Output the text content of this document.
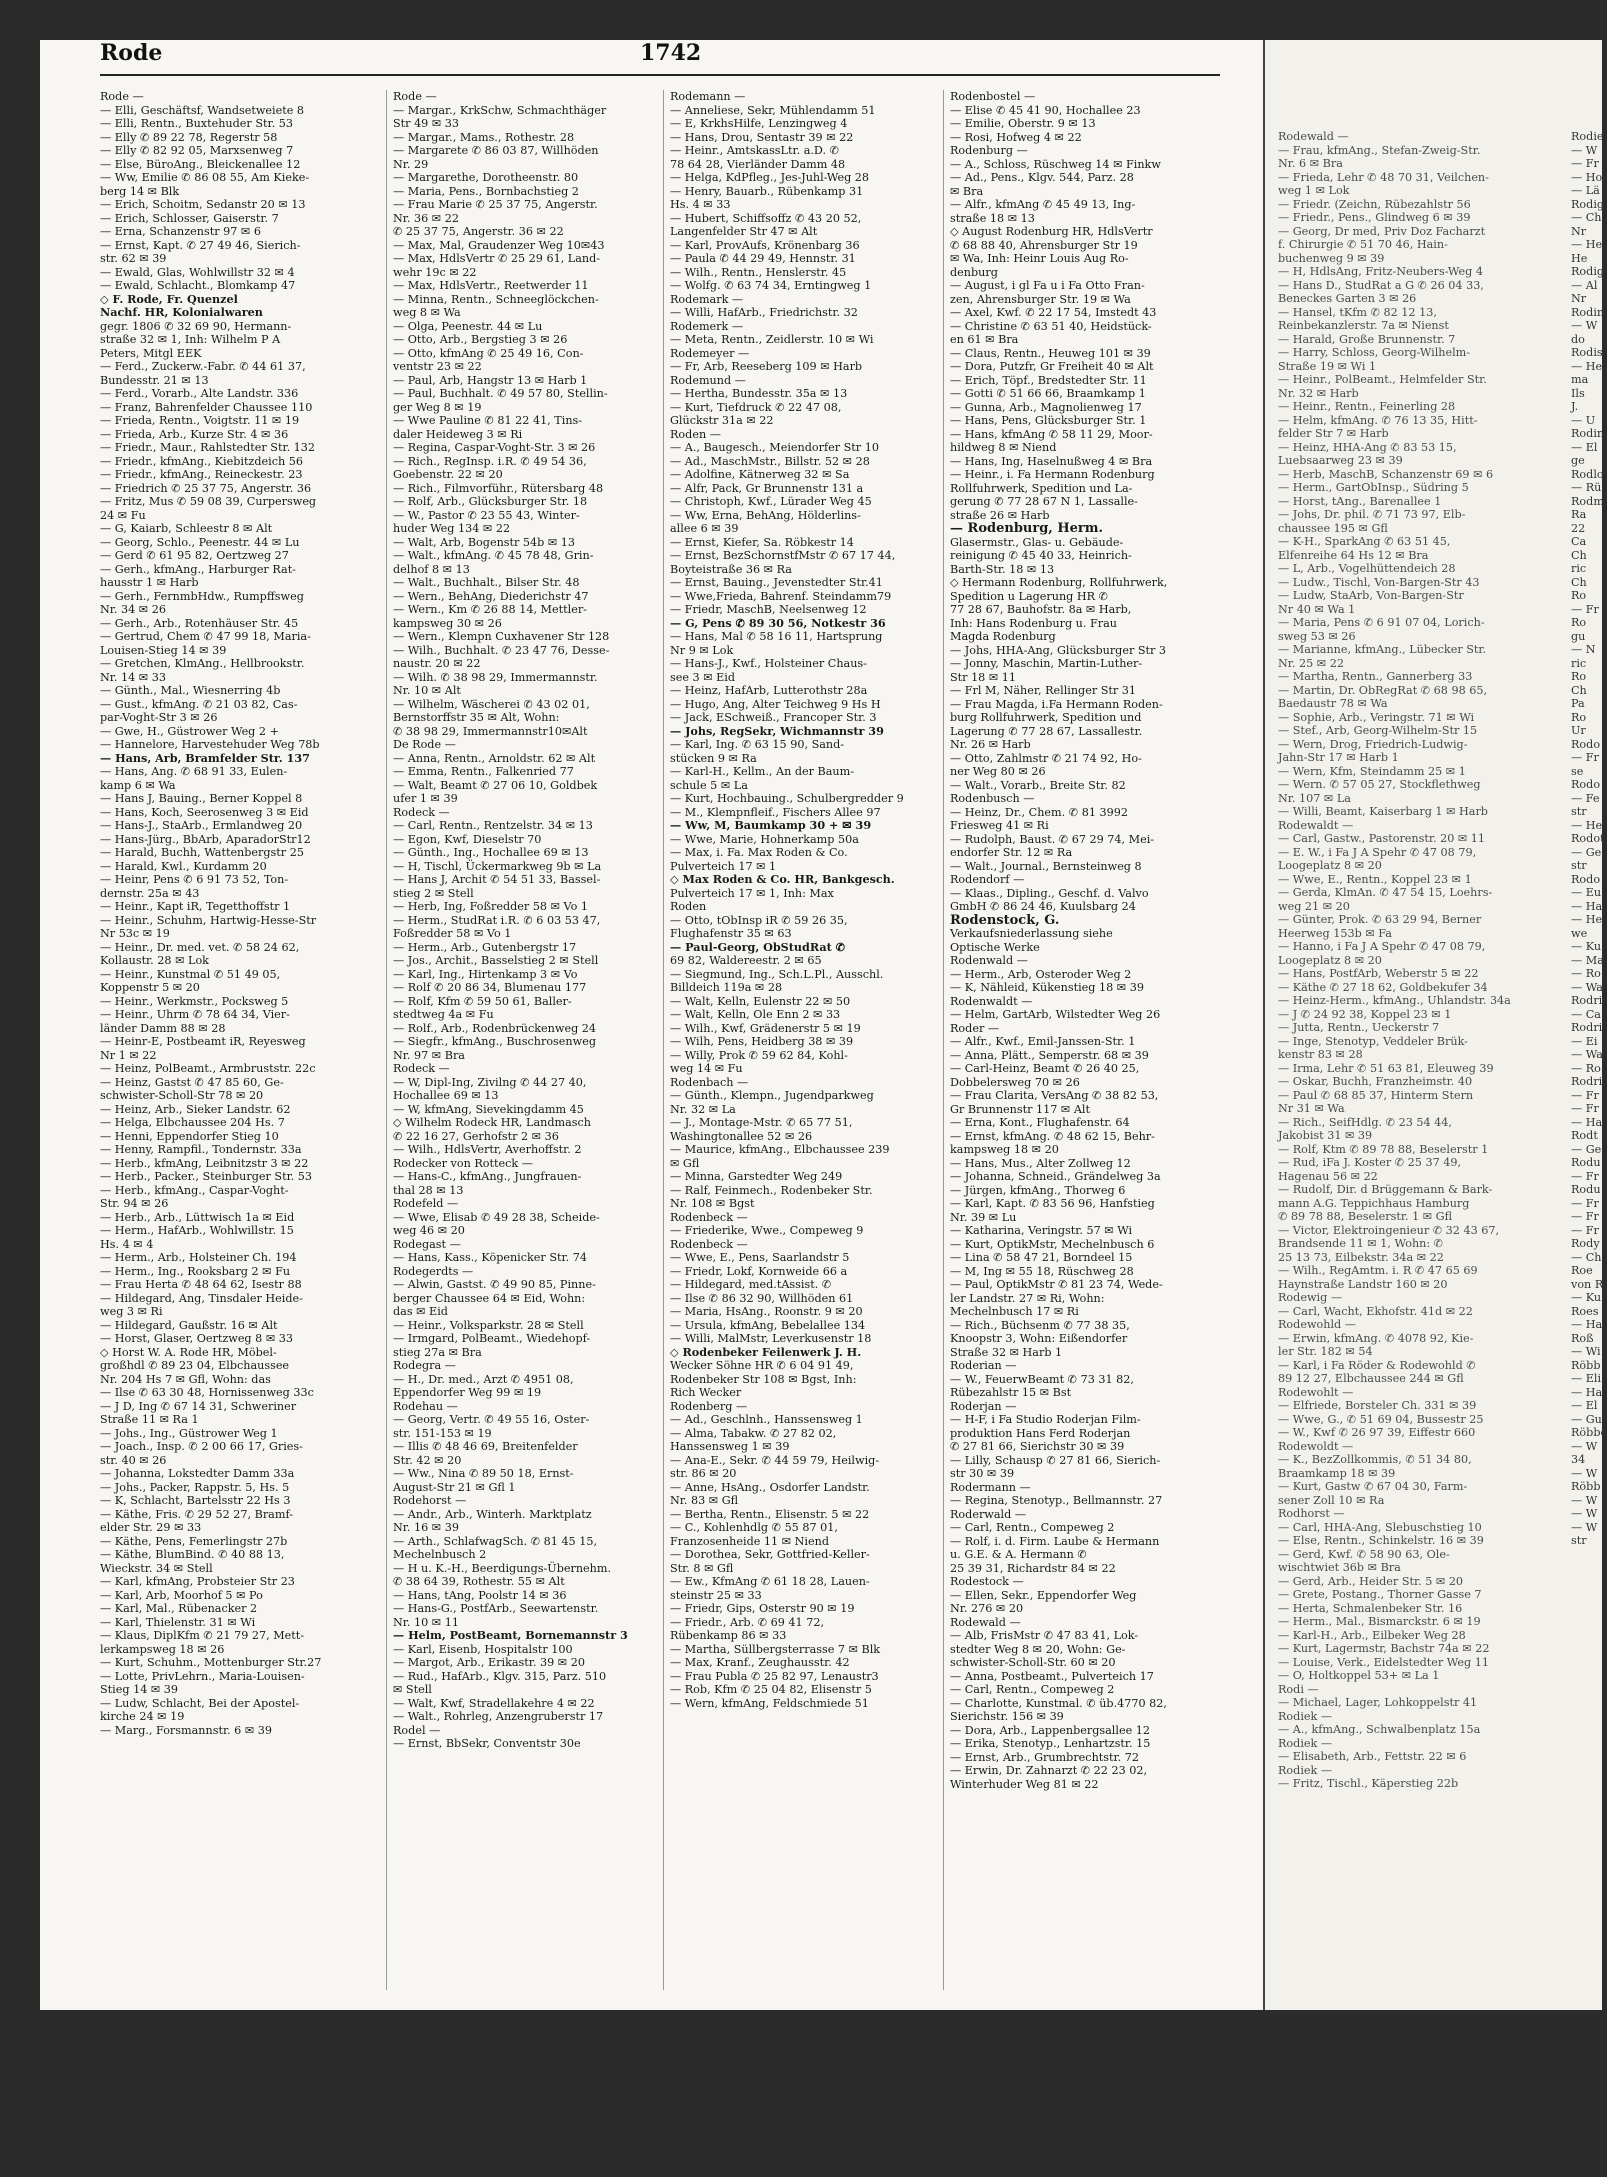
Rode	1742
Rode —
— Elli, Geschäftsf, Wandsetweiete 8
— Elli, Rentn., Buxtehuder Str. 53
— Elly ✆ 89 22 78, Regerstr 58
— Elly ✆ 82 92 05, Marxsenweg 7
— Else, BüroAng., Bleickenallee 12
— Ww, Emilie ✆ 86 08 55, Am Kieke-
berg 14 ✉ Blk
— Erich, Schoitm, Sedanstr 20 ✉ 13
— Erich, Schlosser, Gaiserstr. 7
— Erna, Schanzenstr 97 ✉ 6
— Ernst, Kapt. ✆ 27 49 46, Sierich-
str. 62 ✉ 39
— Ewald, Glas, Wohlwillstr 32 ✉ 4
— Ewald, Schlacht., Blomkamp 47
◇ F. Rode, Fr. Quenzel
Nachf. HR, Kolonialwaren
gegr. 1806 ✆ 32 69 90, Hermann-
straße 32 ✉ 1, Inh: Wilhelm P A
Peters, Mitgl EEK
— Ferd., Zuckerw.-Fabr. ✆ 44 61 37,
Bundesstr. 21 ✉ 13
— Ferd., Vorarb., Alte Landstr. 336
— Franz, Bahrenfelder Chaussee 110
— Frieda, Rentn., Voigtstr. 11 ✉ 19
— Frieda, Arb., Kurze Str. 4 ✉ 36
— Friedr., Maur., Rahlstedter Str. 132
— Friedr., kfmAng., Kiebitzdeich 56
— Friedr., kfmAng., Reineckestr. 23
— Friedrich ✆ 25 37 75, Angerstr. 36
— Fritz, Mus ✆ 59 08 39, Curpersweg
24 ✉ Fu
— G, Kaiarb, Schleestr 8 ✉ Alt
— Georg, Schlo., Peenestr. 44 ✉ Lu
— Gerd ✆ 61 95 82, Oertzweg 27
— Gerh., kfmAng., Harburger Rat-
hausstr 1 ✉ Harb
— Gerh., FernmbHdw., Rumpffsweg
Nr. 34 ✉ 26
— Gerh., Arb., Rotenhäuser Str. 45
— Gertrud, Chem ✆ 47 99 18, Maria-
Louisen-Stieg 14 ✉ 39
— Gretchen, KlmAng., Hellbrookstr.
Nr. 14 ✉ 33
— Günth., Mal., Wiesnerring 4b
— Gust., kfmAng. ✆ 21 03 82, Cas-
par-Voght-Str 3 ✉ 26
— Gwe, H., Güstrower Weg 2 +
— Hannelore, Harvestehuder Weg 78b
— Hans, Arb, Bramfelder Str. 137
— Hans, Ang. ✆ 68 91 33, Eulen-
kamp 6 ✉ Wa
— Hans J, Bauing., Berner Koppel 8
— Hans, Koch, Seerosenweg 3 ✉ Eid
— Hans-J., StaArb., Ermlandweg 20
— Hans-Jürg., BbArb, AparadorStr12
— Harald, Buchh, Wattenbergstr 25
— Harald, Kwl., Kurdamm 20
— Heinr, Pens ✆ 6 91 73 52, Ton-
dernstr. 25a ✉ 43
— Heinr., Kapt iR, Tegetthoffstr 1
— Heinr., Schuhm, Hartwig-Hesse-Str
Nr 53c ✉ 19
— Heinr., Dr. med. vet. ✆ 58 24 62,
Kollaustr. 28 ✉ Lok
— Heinr., Kunstmal ✆ 51 49 05,
Koppenstr 5 ✉ 20
— Heinr., Werkmstr., Pocksweg 5
— Heinr., Uhrm ✆ 78 64 34, Vier-
länder Damm 88 ✉ 28
— Heinr-E, Postbeamt iR, Reyesweg
Nr 1 ✉ 22
— Heinz, PolBeamt., Armbruststr. 22c
— Heinz, Gastst ✆ 47 85 60, Ge-
schwister-Scholl-Str 78 ✉ 20
— Heinz, Arb., Sieker Landstr. 62
— Helga, Elbchaussee 204 Hs. 7
— Henni, Eppendorfer Stieg 10
— Henny, Rampfil., Tondernstr. 33a
— Herb., kfmAng, Leibnitzstr 3 ✉ 22
— Herb., Packer., Steinburger Str. 53
— Herb., kfmAng., Caspar-Voght-
Str. 94 ✉ 26
— Herb., Arb., Lüttwisch 1a ✉ Eid
— Herm., HafArb., Wohlwillstr. 15
Hs. 4 ✉ 4
— Herm., Arb., Holsteiner Ch. 194
— Herm., Ing., Rooksbarg 2 ✉ Fu
— Frau Herta ✆ 48 64 62, Isestr 88
— Hildegard, Ang, Tinsdaler Heide-
weg 3 ✉ Ri
— Hildegard, Gaußstr. 16 ✉ Alt
— Horst, Glaser, Oertzweg 8 ✉ 33
◇ Horst W. A. Rode HR, Möbel-
großhdl ✆ 89 23 04, Elbchaussee
Nr. 204 Hs 7 ✉ Gfl, Wohn: das
— Ilse ✆ 63 30 48, Hornissenweg 33c
— J D, Ing ✆ 67 14 31, Schweriner
Straße 11 ✉ Ra 1
— Johs., Ing., Güstrower Weg 1
— Joach., Insp. ✆ 2 00 66 17, Gries-
str. 40 ✉ 26
— Johanna, Lokstedter Damm 33a
— Johs., Packer, Rappstr. 5, Hs. 5
— K, Schlacht, Bartelsstr 22 Hs 3
— Käthe, Fris. ✆ 29 52 27, Bramf-
elder Str. 29 ✉ 33
— Käthe, Pens, Femerlingstr 27b
— Käthe, BlumBind. ✆ 40 88 13,
Wieckstr. 34 ✉ Stell
— Karl, kfmAng, Probsteier Str 23
— Karl, Arb, Moorhof 5 ✉ Po
— Karl, Mal., Rübenacker 2
— Karl, Thielenstr. 31 ✉ Wi
— Klaus, DiplKfm ✆ 21 79 27, Mett-
lerkampsweg 18 ✉ 26
— Kurt, Schuhm., Mottenburger Str.27
— Lotte, PrivLehrn., Maria-Louisen-
Stieg 14 ✉ 39
— Ludw, Schlacht, Bei der Apostel-
kirche 24 ✉ 19
— Marg., Forsmannstr. 6 ✉ 39
Rode —
— Margar., KrkSchw, Schmachthäger
Str 49 ✉ 33
— Margar., Mams., Rothestr. 28
— Margarete ✆ 86 03 87, Willhöden
Nr. 29
— Margarethe, Dorotheenstr. 80
— Maria, Pens., Bornbachstieg 2
— Frau Marie ✆ 25 37 75, Angerstr.
Nr. 36 ✉ 22
✆ 25 37 75, Angerstr. 36 ✉ 22
— Max, Mal, Graudenzer Weg 10✉43
— Max, HdlsVertr ✆ 25 29 61, Land-
wehr 19c ✉ 22
— Max, HdlsVertr., Reetwerder 11
— Minna, Rentn., Schneeglöckchen-
weg 8 ✉ Wa
— Olga, Peenestr. 44 ✉ Lu
— Otto, Arb., Bergstieg 3 ✉ 26
— Otto, kfmAng ✆ 25 49 16, Con-
ventstr 23 ✉ 22
— Paul, Arb, Hangstr 13 ✉ Harb 1
— Paul, Buchhalt. ✆ 49 57 80, Stellin-
ger Weg 8 ✉ 19
— Wwe Pauline ✆ 81 22 41, Tins-
daler Heideweg 3 ✉ Ri
— Regina, Caspar-Voght-Str. 3 ✉ 26
— Rich., RegInsp. i.R. ✆ 49 54 36,
Goebenstr. 22 ✉ 20
— Rich., Filmvorführ., Rütersbarg 48
— Rolf, Arb., Glücksburger Str. 18
— W., Pastor ✆ 23 55 43, Winter-
huder Weg 134 ✉ 22
— Walt, Arb, Bogenstr 54b ✉ 13
— Walt., kfmAng. ✆ 45 78 48, Grin-
delhof 8 ✉ 13
— Walt., Buchhalt., Bilser Str. 48
— Wern., BehAng, Diederichstr 47
— Wern., Km ✆ 26 88 14, Mettler-
kampsweg 30 ✉ 26
— Wern., Klempn Cuxhavener Str 128
— Wilh., Buchhalt. ✆ 23 47 76, Desse-
naustr. 20 ✉ 22
— Wilh. ✆ 38 98 29, Immermannstr.
Nr. 10 ✉ Alt
— Wilhelm, Wäscherei ✆ 43 02 01,
Bernstorffstr 35 ✉ Alt, Wohn:
✆ 38 98 29, Immermannstr10✉Alt
De Rode —
— Anna, Rentn., Arnoldstr. 62 ✉ Alt
— Emma, Rentn., Falkenried 77
— Walt, Beamt ✆ 27 06 10, Goldbek
ufer 1 ✉ 39
Rodeck —
— Carl, Rentn., Rentzelstr. 34 ✉ 13
— Egon, Kwf, Dieselstr 70
— Günth., Ing., Hochallee 69 ✉ 13
— H, Tischl, Ückermarkweg 9b ✉ La
— Hans J, Archit ✆ 54 51 33, Bassel-
stieg 2 ✉ Stell
— Herb, Ing, Foßredder 58 ✉ Vo 1
— Herm., StudRat i.R. ✆ 6 03 53 47,
Foßredder 58 ✉ Vo 1
— Herm., Arb., Gutenbergstr 17
— Jos., Archit., Basselstieg 2 ✉ Stell
— Karl, Ing., Hirtenkamp 3 ✉ Vo
— Rolf ✆ 20 86 34, Blumenau 177
— Rolf, Kfm ✆ 59 50 61, Baller-
stedtweg 4a ✉ Fu
— Rolf., Arb., Rodenbrückenweg 24
— Siegfr., kfmAng., Buschrosenweg
Nr. 97 ✉ Bra
Rodeck —
— W, Dipl-Ing, Zivilng ✆ 44 27 40,
Hochallee 69 ✉ 13
— W, kfmAng, Sievekingdamm 45
◇ Wilhelm Rodeck HR, Landmasch
✆ 22 16 27, Gerhofstr 2 ✉ 36
— Wilh., HdlsVertr, Averhoffstr. 2
Rodecker von Rotteck —
— Hans-C., kfmAng., Jungfrauen-
thal 28 ✉ 13
Rodefeld —
— Wwe, Elisab ✆ 49 28 38, Scheide-
weg 46 ✉ 20
Rodegast —
— Hans, Kass., Köpenicker Str. 74
Rodegerdts —
— Alwin, Gastst. ✆ 49 90 85, Pinne-
berger Chaussee 64 ✉ Eid, Wohn:
das ✉ Eid
— Heinr., Volksparkstr. 28 ✉ Stell
— Irmgard, PolBeamt., Wiedehopf-
stieg 27a ✉ Bra
Rodegra —
— H., Dr. med., Arzt ✆ 4951 08,
Eppendorfer Weg 99 ✉ 19
Rodehau —
— Georg, Vertr. ✆ 49 55 16, Oster-
str. 151-153 ✉ 19
— Illis ✆ 48 46 69, Breitenfelder
Str. 42 ✉ 20
— Ww., Nina ✆ 89 50 18, Ernst-
August-Str 21 ✉ Gfl 1
Rodehorst —
— Andr., Arb., Winterh. Marktplatz
Nr. 16 ✉ 39
— Arth., SchlafwagSch. ✆ 81 45 15,
Mechelnbusch 2
— H u. K.-H., Beerdigungs-Übernehm.
✆ 38 64 39, Rothestr. 55 ✉ Alt
— Hans, tAng, Poolstr 14 ✉ 36
— Hans-G., PostfArb., Seewartenstr.
Nr. 10 ✉ 11
— Helm, PostBeamt, Bornemannstr 3
— Karl, Eisenb, Hospitalstr 100
— Margot, Arb., Erikastr. 39 ✉ 20
— Rud., HafArb., Klgv. 315, Parz. 510
✉ Stell
— Walt, Kwf, Stradellakehre 4 ✉ 22
— Walt., Rohrleg, Anzengruberstr 17
Rodel —
— Ernst, BbSekr, Conventstr 30e
Rodemann —
— Anneliese, Sekr, Mühlendamm 51
— E, KrkhsHilfe, Lenzingweg 4
— Hans, Drou, Sentastr 39 ✉ 22
— Heinr., AmtskassLtr. a.D. ✆
78 64 28, Vierländer Damm 48
— Helga, KdPfleg., Jes-Juhl-Weg 28
— Henry, Bauarb., Rübenkamp 31
Hs. 4 ✉ 33
— Hubert, Schiffsoffz ✆ 43 20 52,
Langenfelder Str 47 ✉ Alt
— Karl, ProvAufs, Krönenbarg 36
— Paula ✆ 44 29 49, Hennstr. 31
— Wilh., Rentn., Henslerstr. 45
— Wolfg. ✆ 63 74 34, Erntingweg 1
Rodemark —
— Willi, HafArb., Friedrichstr. 32
Rodemerk —
— Meta, Rentn., Zeidlerstr. 10 ✉ Wi
Rodemeyer —
— Fr, Arb, Reeseberg 109 ✉ Harb
Rodemund —
— Hertha, Bundesstr. 35a ✉ 13
— Kurt, Tiefdruck ✆ 22 47 08,
Glückstr 31a ✉ 22
Roden —
— A., Baugesch., Meiendorfer Str 10
— Ad., MaschMstr., Billstr. 52 ✉ 28
— Adolfine, Kätnerweg 32 ✉ Sa
— Alfr, Pack, Gr Brunnenstr 131 a
— Christoph, Kwf., Lürader Weg 45
— Ww, Erna, BehAng, Hölderlins-
allee 6 ✉ 39
— Ernst, Kiefer, Sa. Röbkestr 14
— Ernst, BezSchornstfMstr ✆ 67 17 44,
Boyteistraße 36 ✉ Ra
— Ernst, Bauing., Jevenstedter Str.41
— Wwe,Frieda, Bahrenf. Steindamm79
— Friedr, MaschB, Neelsenweg 12
— G, Pens ✆ 89 30 56, Notkestr 36
— Hans, Mal ✆ 58 16 11, Hartsprung
Nr 9 ✉ Lok
— Hans-J., Kwf., Holsteiner Chaus-
see 3 ✉ Eid
— Heinz, HafArb, Lutterothstr 28a
— Hugo, Ang, Alter Teichweg 9 Hs H
— Jack, ESchweiß., Francoper Str. 3
— Johs, RegSekr, Wichmannstr 39
— Karl, Ing. ✆ 63 15 90, Sand-
stücken 9 ✉ Ra
— Karl-H., Kellm., An der Baum-
schule 5 ✉ La
— Kurt, Hochbauing., Schulbergredder 9
— M., Klempnfleif., Fischers Allee 97
— Ww, M, Baumkamp 30 + ✉ 39
— Wwe, Marie, Hohnerkamp 50a
— Max, i. Fa. Max Roden & Co.
Pulverteich 17 ✉ 1
◇ Max Roden & Co. HR, Bankgesch.
Pulverteich 17 ✉ 1, Inh: Max
Roden
— Otto, tObInsp iR ✆ 59 26 35,
Flughafenstr 35 ✉ 63
— Paul-Georg, ObStudRat ✆
69 82, Waldereestr. 2 ✉ 65
— Siegmund, Ing., Sch.L.Pl., Ausschl.
Billdeich 119a ✉ 28
— Walt, Kelln, Eulenstr 22 ✉ 50
— Walt, Kelln, Ole Enn 2 ✉ 33
— Wilh., Kwf, Grädenerstr 5 ✉ 19
— Wilh, Pens, Heidberg 38 ✉ 39
— Willy, Prok ✆ 59 62 84, Kohl-
weg 14 ✉ Fu
Rodenbach —
— Günth., Klempn., Jugendparkweg
Nr. 32 ✉ La
— J., Montage-Mstr. ✆ 65 77 51,
Washingtonallee 52 ✉ 26
— Maurice, kfmAng., Elbchaussee 239
✉ Gfl
— Minna, Garstedter Weg 249
— Ralf, Feinmech., Rodenbeker Str.
Nr. 108 ✉ Bgst
Rodenbeck —
— Friederike, Wwe., Compeweg 9
Rodenbeck —
— Wwe, E., Pens, Saarlandstr 5
— Friedr, Lokf, Kornweide 66 a
— Hildegard, med.tAssist. ✆
— Ilse ✆ 86 32 90, Willhöden 61
— Maria, HsAng., Roonstr. 9 ✉ 20
— Ursula, kfmAng, Bebelallee 134
— Willi, MalMstr, Leverkusenstr 18
◇ Rodenbeker Feilenwerk J. H.
Wecker Söhne HR ✆ 6 04 91 49,
Rodenbeker Str 108 ✉ Bgst, Inh:
Rich Wecker
Rodenberg —
— Ad., Geschlnh., Hanssensweg 1
— Alma, Tabakw. ✆ 27 82 02,
Hanssensweg 1 ✉ 39
— Ana-E., Sekr. ✆ 44 59 79, Heilwig-
str. 86 ✉ 20
— Anne, HsAng., Osdorfer Landstr.
Nr. 83 ✉ Gfl
— Bertha, Rentn., Elisenstr. 5 ✉ 22
— C., Kohlenhdlg ✆ 55 87 01,
Franzosenheide 11 ✉ Niend
— Dorothea, Sekr, Gottfried-Keller-
Str. 8 ✉ Gfl
— Ew., KfmAng ✆ 61 18 28, Lauen-
steinstr 25 ✉ 33
— Friedr, Gips, Osterstr 90 ✉ 19
— Friedr., Arb. ✆ 69 41 72,
Rübenkamp 86 ✉ 33
— Martha, Süllbergsterrasse 7 ✉ Blk
— Max, Kranf., Zeughausstr. 42
— Frau Publa ✆ 25 82 97, Lenaustr3
— Rob, Kfm ✆ 25 04 82, Elisenstr 5
— Wern, kfmAng, Feldschmiede 51
Rodenbostel —
— Elise ✆ 45 41 90, Hochallee 23
— Emilie, Oberstr. 9 ✉ 13
— Rosi, Hofweg 4 ✉ 22
Rodenburg —
— A., Schloss, Rüschweg 14 ✉ Finkw
— Ad., Pens., Klgv. 544, Parz. 28
✉ Bra
— Alfr., kfmAng ✆ 45 49 13, Ing-
straße 18 ✉ 13
◇ August Rodenburg HR, HdlsVertr
✆ 68 88 40, Ahrensburger Str 19
✉ Wa, Inh: Heinr Louis Aug Ro-
denburg
— August, i gl Fa u i Fa Otto Fran-
zen, Ahrensburger Str. 19 ✉ Wa
— Axel, Kwf. ✆ 22 17 54, Imstedt 43
— Christine ✆ 63 51 40, Heidstück-
en 61 ✉ Bra
— Claus, Rentn., Heuweg 101 ✉ 39
— Dora, Putzfr, Gr Freiheit 40 ✉ Alt
— Erich, Töpf., Bredstedter Str. 11
— Gotti ✆ 51 66 66, Braamkamp 1
— Gunna, Arb., Magnolienweg 17
— Hans, Pens, Glücksburger Str. 1
— Hans, kfmAng ✆ 58 11 29, Moor-
hildweg 8 ✉ Niend
— Hans, Ing, Haselnußweg 4 ✉ Bra
— Heinr., i. Fa Hermann Rodenburg
Rollfuhrwerk, Spedition und La-
gerung ✆ 77 28 67 N 1, Lassalle-
straße 26 ✉ Harb
— Rodenburg, Herm.
Glasermstr., Glas- u. Gebäude-
reinigung ✆ 45 40 33, Heinrich-
Barth-Str. 18 ✉ 13
◇ Hermann Rodenburg, Rollfuhrwerk,
Spedition u Lagerung HR ✆
77 28 67, Bauhofstr. 8a ✉ Harb,
Inh: Hans Rodenburg u. Frau
Magda Rodenburg
— Johs, HHA-Ang, Glücksburger Str 3
— Jonny, Maschin, Martin-Luther-
Str 18 ✉ 11
— Frl M, Näher, Rellinger Str 31
— Frau Magda, i.Fa Hermann Roden-
burg Rollfuhrwerk, Spedition und
Lagerung ✆ 77 28 67, Lassallestr.
Nr. 26 ✉ Harb
— Otto, Zahlmstr ✆ 21 74 92, Ho-
ner Weg 80 ✉ 26
— Walt., Vorarb., Breite Str. 82
Rodenbusch —
— Heinz, Dr., Chem. ✆ 81 3992
Friesweg 41 ✉ Ri
— Rudolph, Baust. ✆ 67 29 74, Mei-
endorfer Str. 12 ✉ Ra
— Walt., Journal., Bernsteinweg 8
Rodendorf —
— Klaas., Dipling., Geschf. d. Valvo
GmbH ✆ 86 24 46, Kuulsbarg 24
Rodenstock, G.
Verkaufsniederlassung siehe
Optische Werke
Rodenwald —
— Herm., Arb, Osteroder Weg 2
— K, Nähleid, Kükenstieg 18 ✉ 39
Rodenwaldt —
— Helm, GartArb, Wilstedter Weg 26
Roder —
— Alfr., Kwf., Emil-Janssen-Str. 1
— Anna, Plätt., Semperstr. 68 ✉ 39
— Carl-Heinz, Beamt ✆ 26 40 25,
Dobbelersweg 70 ✉ 26
— Frau Clarita, VersAng ✆ 38 82 53,
Gr Brunnenstr 117 ✉ Alt
— Erna, Kont., Flughafenstr. 64
— Ernst, kfmAng. ✆ 48 62 15, Behr-
kampsweg 18 ✉ 20
— Hans, Mus., Alter Zollweg 12
— Johanna, Schneid., Grändelweg 3a
— Jürgen, kfmAng., Thorweg 6
— Karl, Kapt. ✆ 83 56 96, Hanfstieg
Nr. 39 ✉ Lu
— Katharina, Veringstr. 57 ✉ Wi
— Kurt, OptikMstr, Mechelnbusch 6
— Lina ✆ 58 47 21, Borndeel 15
— M, Ing ✉ 55 18, Rüschweg 28
— Paul, OptikMstr ✆ 81 23 74, Wede-
ler Landstr. 27 ✉ Ri, Wohn:
Mechelnbusch 17 ✉ Ri
— Rich., Büchsenm ✆ 77 38 35,
Knoopstr 3, Wohn: Eißendorfer
Straße 32 ✉ Harb 1
Roderian —
— W., FeuerwBeamt ✆ 73 31 82,
Rübezahlstr 15 ✉ Bst
Roderjan —
— H-F, i Fa Studio Roderjan Film-
produktion Hans Ferd Roderjan
✆ 27 81 66, Sierichstr 30 ✉ 39
— Lilly, Schausp ✆ 27 81 66, Sierich-
str 30 ✉ 39
Rodermann —
— Regina, Stenotyp., Bellmannstr. 27
Roderwald —
— Carl, Rentn., Compeweg 2
— Rolf, i. d. Firm. Laube & Hermann
u. G.E. & A. Hermann ✆
25 39 31, Richardstr 84 ✉ 22
Rodestock —
— Ellen, Sekr., Eppendorfer Weg
Nr. 276 ✉ 20
Rodewald —
— Alb, FrisMstr ✆ 47 83 41, Lok-
stedter Weg 8 ✉ 20, Wohn: Ge-
schwister-Scholl-Str. 60 ✉ 20
— Anna, Postbeamt., Pulverteich 17
— Carl, Rentn., Compeweg 2
— Charlotte, Kunstmal. ✆ üb.4770 82,
Sierichstr. 156 ✉ 39
— Dora, Arb., Lappenbergsallee 12
— Erika, Stenotyp., Lenhartzstr. 15
— Ernst, Arb., Grumbrechtstr. 72
— Erwin, Dr. Zahnarzt ✆ 22 23 02,
Winterhuder Weg 81 ✉ 22
Rodewald —
— Frau, kfmAng., Stefan-Zweig-Str.
Nr. 6 ✉ Bra
— Frieda, Lehr ✆ 48 70 31, Veilchen-
weg 1 ✉ Lok
— Friedr. (Zeichn, Rübezahlstr 56
— Friedr., Pens., Glindweg 6 ✉ 39
— Georg, Dr med, Priv Doz Facharzt
f. Chirurgie ✆ 51 70 46, Hain-
buchenweg 9 ✉ 39
— H, HdlsAng, Fritz-Neubers-Weg 4
— Hans D., StudRat a G ✆ 26 04 33,
Beneckes Garten 3 ✉ 26
— Hansel, tKfm ✆ 82 12 13,
Reinbekanzlerstr. 7a ✉ Nienst
— Harald, Große Brunnenstr. 7
— Harry, Schloss, Georg-Wilhelm-
Straße 19 ✉ Wi 1
— Heinr., PolBeamt., Helmfelder Str.
Nr. 32 ✉ Harb
— Heinr., Rentn., Feinerling 28
— Helm, kfmAng. ✆ 76 13 35, Hitt-
felder Str 7 ✉ Harb
— Heinz, HHA-Ang ✆ 83 53 15,
Luebsaarweg 23 ✉ 39
— Herb, MaschB, Schanzenstr 69 ✉ 6
— Herm., GartObInsp., Südring 5
— Horst, tAng., Barenallee 1
— Johs, Dr. phil. ✆ 71 73 97, Elb-
chaussee 195 ✉ Gfl
— K-H., SparkAng ✆ 63 51 45,
Elfenreihe 64 Hs 12 ✉ Bra
— L, Arb., Vogelhüttendeich 28
— Ludw., Tischl, Von-Bargen-Str 43
— Ludw, StaArb, Von-Bargen-Str
Nr 40 ✉ Wa 1
— Maria, Pens ✆ 6 91 07 04, Lorich-
sweg 53 ✉ 26
— Marianne, kfmAng., Lübecker Str.
Nr. 25 ✉ 22
— Martha, Rentn., Gannerberg 33
— Martin, Dr. ObRegRat ✆ 68 98 65,
Baedaustr 78 ✉ Wa
— Sophie, Arb., Veringstr. 71 ✉ Wi
— Stef., Arb, Georg-Wilhelm-Str 15
— Wern, Drog, Friedrich-Ludwig-
Jahn-Str 17 ✉ Harb 1
— Wern, Kfm, Steindamm 25 ✉ 1
— Wern. ✆ 57 05 27, Stockflethweg
Nr. 107 ✉ La
— Willi, Beamt, Kaiserbarg 1 ✉ Harb
Rodewaldt —
— Carl, Gastw., Pastorenstr. 20 ✉ 11
— E. W., i Fa J A Spehr ✆ 47 08 79,
Loogeplatz 8 ✉ 20
— Wwe, E., Rentn., Koppel 23 ✉ 1
— Gerda, KlmAn. ✆ 47 54 15, Loehrs-
weg 21 ✉ 20
— Günter, Prok. ✆ 63 29 94, Berner
Heerweg 153b ✉ Fa
— Hanno, i Fa J A Spehr ✆ 47 08 79,
Loogeplatz 8 ✉ 20
— Hans, PostfArb, Weberstr 5 ✉ 22
— Käthe ✆ 27 18 62, Goldbekufer 34
— Heinz-Herm., kfmAng., Uhlandstr. 34a
— J ✆ 24 92 38, Koppel 23 ✉ 1
— Jutta, Rentn., Ueckerstr 7
— Inge, Stenotyp, Veddeler Brük-
kenstr 83 ✉ 28
— Irma, Lehr ✆ 51 63 81, Eleuweg 39
— Oskar, Buchh, Franzheimstr. 40
— Paul ✆ 68 85 37, Hinterm Stern
Nr 31 ✉ Wa
— Rich., SeifHdlg. ✆ 23 54 44,
Jakobist 31 ✉ 39
— Rolf, Ktm ✆ 89 78 88, Beselerstr 1
— Rud, iFa J. Koster ✆ 25 37 49,
Hagenau 56 ✉ 22
— Rudolf, Dir. d Brüggemann & Bark-
mann A.G. Teppichhaus Hamburg
✆ 89 78 88, Beselerstr. 1 ✉ Gfl
— Victor, Elektroingenieur ✆ 32 43 67,
Brandsende 11 ✉ 1, Wohn: ✆
25 13 73, Eilbekstr. 34a ✉ 22
— Wilh., RegAmtm. i. R ✆ 47 65 69
Haynstraße Landstr 160 ✉ 20
Rodewig —
— Carl, Wacht, Ekhofstr. 41d ✉ 22
Rodewohld —
— Erwin, kfmAng. ✆ 4078 92, Kie-
ler Str. 182 ✉ 54
— Karl, i Fa Röder & Rodewohld ✆
89 12 27, Elbchaussee 244 ✉ Gfl
Rodewohlt —
— Elfriede, Borsteler Ch. 331 ✉ 39
— Wwe, G., ✆ 51 69 04, Bussestr 25
— W., Kwf ✆ 26 97 39, Eiffestr 660
Rodewoldt —
— K., BezZollkommis, ✆ 51 34 80,
Braamkamp 18 ✉ 39
— Kurt, Gastw ✆ 67 04 30, Farm-
sener Zoll 10 ✉ Ra
Rodhorst —
— Carl, HHA-Ang, Slebuschstieg 10
— Else, Rentn., Schinkelstr. 16 ✉ 39
— Gerd, Kwf. ✆ 58 90 63, Ole-
wischtwiet 36b ✉ Bra
— Gerd, Arb., Heider Str. 5 ✉ 20
— Grete, Postang., Thorner Gasse 7
— Herta, Schmalenbeker Str. 16
— Herm., Mal., Bismarckstr. 6 ✉ 19
— Karl-H., Arb., Eilbeker Weg 28
— Kurt, Lagermstr, Bachstr 74a ✉ 22
— Louise, Verk., Eidelstedter Weg 11
— O, Holtkoppel 53+ ✉ La 1
Rodi —
— Michael, Lager, Lohkoppelstr 41
Rodiek —
— A., kfmAng., Schwalbenplatz 15a
Rodiek —
— Elisabeth, Arb., Fettstr. 22 ✉ 6
Rodiek —
— Fritz, Tischl., Käperstieg 22b
Rodie
— W
— Fr
— Ho
— Lä
Rodig
— Ch
Nr
— He
He
Rodig
— Al
Nr
Rodin
— W
do
Rodis
— He
ma
Ils
J.
— U
Rodin
— El
ge
Rodlo
— Rü
Rodm
Ra
22
Ca
Ch
ric
Ch
Ro
— Fr
Ro
gu
— N
ric
Ro
Ch
Pa
Ro
Ur
Rodo
— Fr
se
Rodo
— Fe
str
— He
Rodot
— Ge
str
Rodo
— Eu
— Ha
— He
we
— Ku
— Ma
— Ro
— Wa
Rodri
— Ca
Rodri
— Ei
— Wa
— Ro
Rodri
— Fr
— Fr
— Ha
Rodt
— Ge
Rodu
— Fr
Rodu
— Fr
— Fr
— Fr
Rody
— Ch
Roe
von R
— Ku
Roes
— Ha
Roß
— Wi
Röbb
— Eli
— Ha
— El
— Gu
Röbbe
— W
34
— W
Röbb
— W
— W
— W
str
